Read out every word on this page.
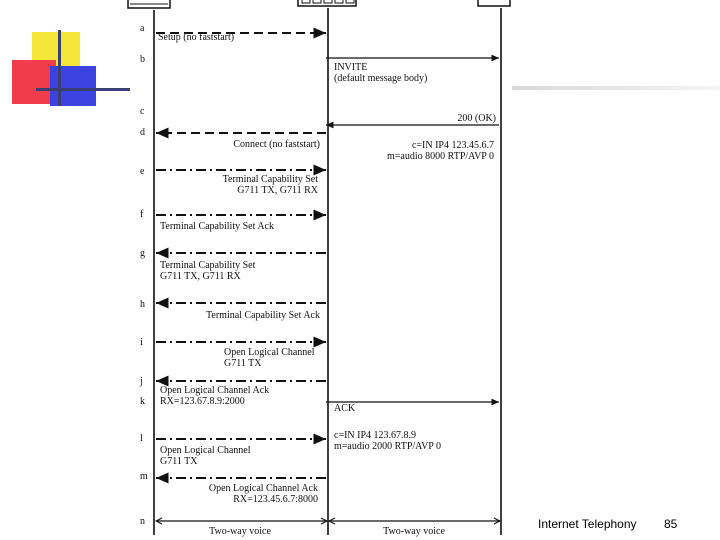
a
b
c
d
e
f
g
h
i
j
k
l
m
n
Setup (no faststart)
INVITE
(default message body)
200 (OK)
Connect (no faststart)
Terminal Capability Set
G711 TX, G711 RX
Terminal Capability Set Ack
Terminal Capability Set
G711 TX, G711 RX
Terminal Capability Set Ack
Open Logical Channel
G711 TX
Open Logical Channel Ack
RX=123.67.8.9:2000
ACK
Open Logical Channel
G711 TX
Open Logical Channel Ack
RX=123.45.6.7:8000
c=IN IP4 123.45.6.7
m=audio 8000 RTP/AVP 0
c=IN IP4 123.67.8.9
m=audio 2000 RTP/AVP 0
Two-way voice	Two-way voice
Internet Telephony 85
